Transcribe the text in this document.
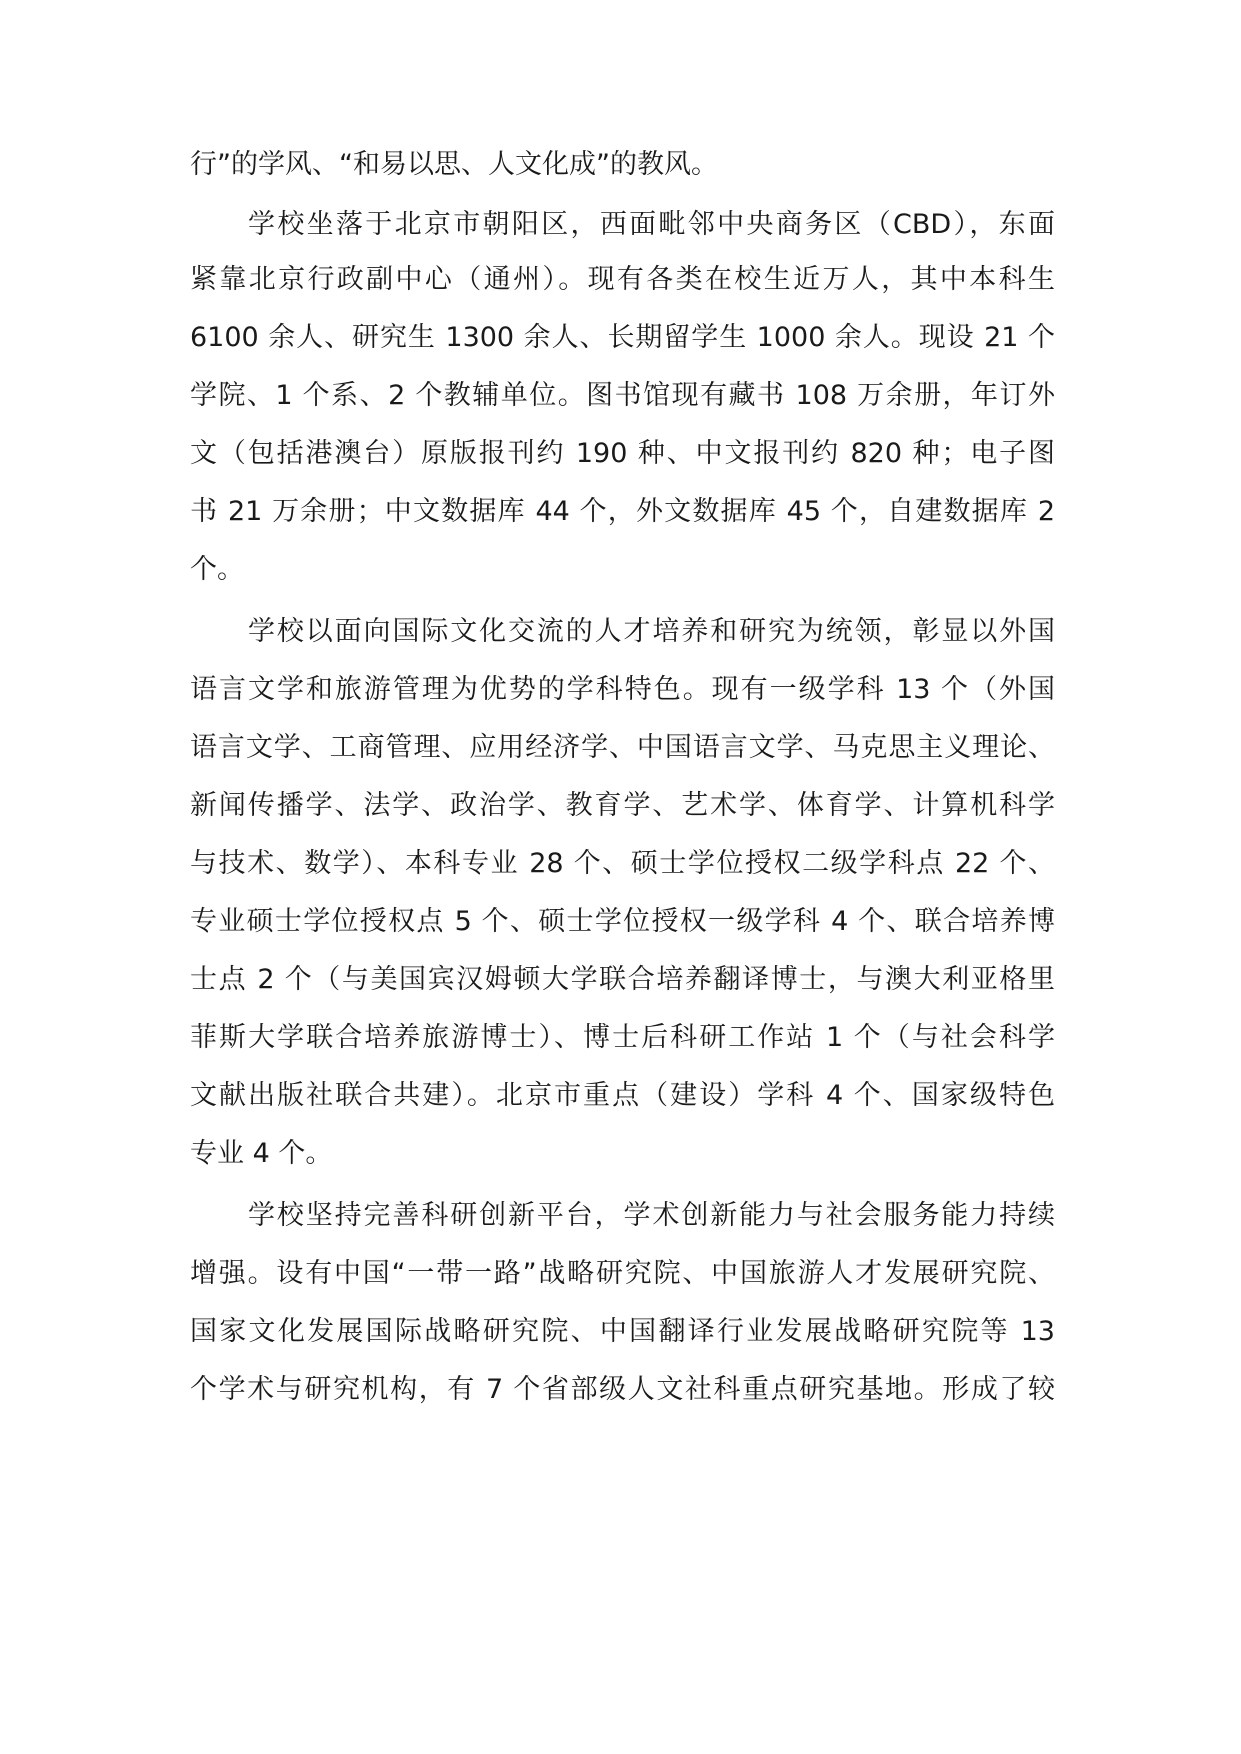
行”的学风、“和易以思、人文化成”的教风。
学校坐落于北京市朝阳区，西面毗邻中央商务区（CBD），东面
紧靠北京行政副中心（通州）。现有各类在校生近万人，其中本科生
6100 余人、研究生 1300 余人、长期留学生 1000 余人。现设 21 个
学院、1 个系、2 个教辅单位。图书馆现有藏书 108 万余册，年订外
文（包括港澳台）原版报刊约 190 种、中文报刊约 820 种；电子图
书 21 万余册；中文数据库 44 个，外文数据库 45 个，自建数据库 2
个。
学校以面向国际文化交流的人才培养和研究为统领，彰显以外国
语言文学和旅游管理为优势的学科特色。现有一级学科 13 个（外国
语言文学、工商管理、应用经济学、中国语言文学、马克思主义理论、
新闻传播学、法学、政治学、教育学、艺术学、体育学、计算机科学
与技术、数学）、本科专业 28 个、硕士学位授权二级学科点 22 个、
专业硕士学位授权点 5 个、硕士学位授权一级学科 4 个、联合培养博
士点 2 个（与美国宾汉姆顿大学联合培养翻译博士，与澳大利亚格里
菲斯大学联合培养旅游博士）、博士后科研工作站 1 个（与社会科学
文献出版社联合共建）。北京市重点（建设）学科 4 个、国家级特色
专业 4 个。
学校坚持完善科研创新平台，学术创新能力与社会服务能力持续
增强。设有中国“一带一路”战略研究院、中国旅游人才发展研究院、
国家文化发展国际战略研究院、中国翻译行业发展战略研究院等 13
个学术与研究机构，有 7 个省部级人文社科重点研究基地。形成了较
